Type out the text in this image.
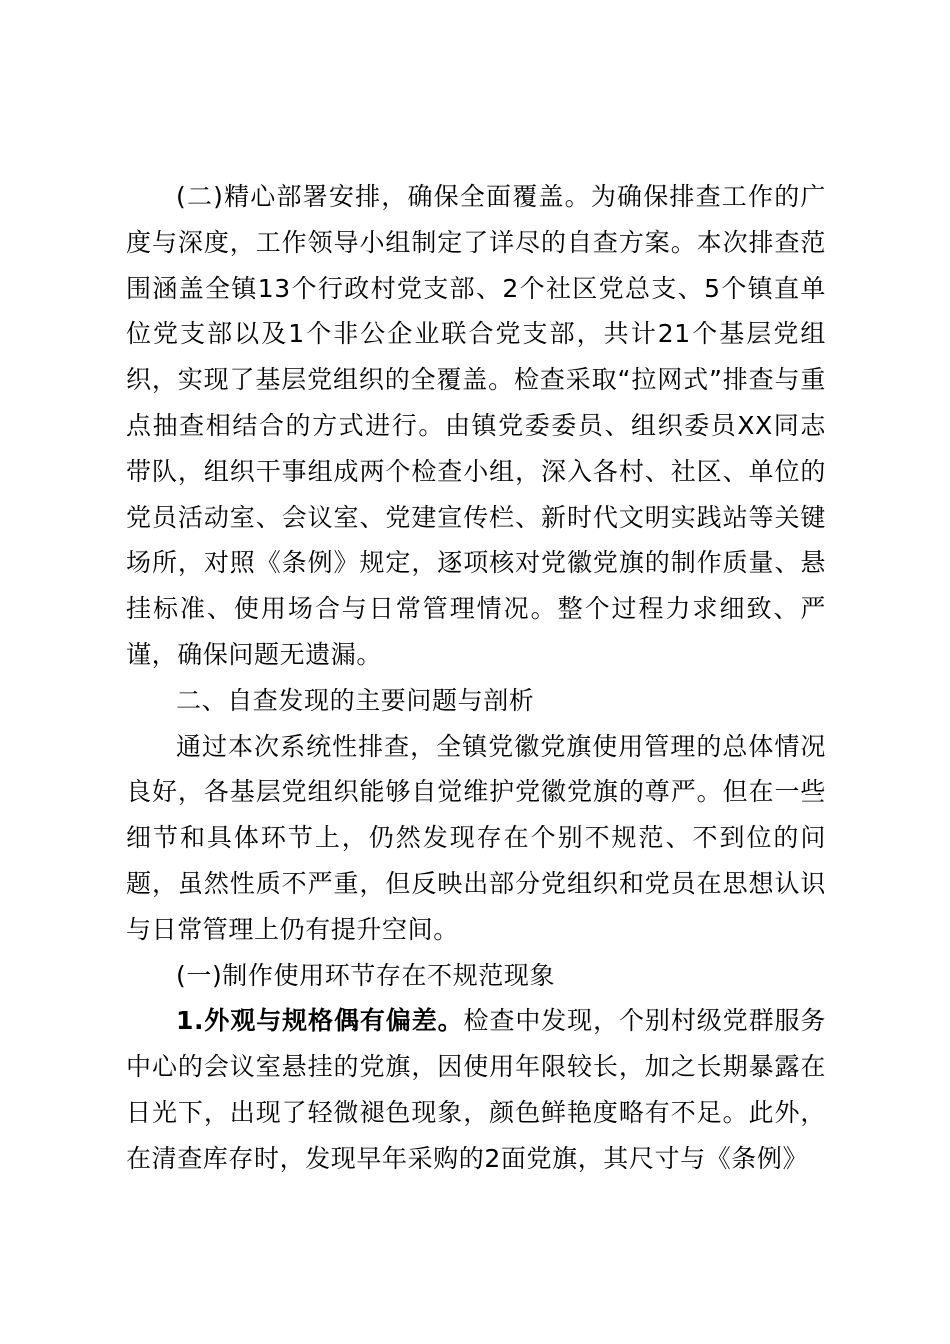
(二)精心部署安排，确保全面覆盖。为确保排查工作的广度与深度，工作领导小组制定了详尽的自查方案。本次排查范围涵盖全镇13个行政村党支部、2个社区党总支、5个镇直单位党支部以及1个非公企业联合党支部，共计21个基层党组织，实现了基层党组织的全覆盖。检查采取“拉网式”排查与重点抽查相结合的方式进行。由镇党委委员、组织委员XX同志带队，组织干事组成两个检查小组，深入各村、社区、单位的党员活动室、会议室、党建宣传栏、新时代文明实践站等关键场所，对照《条例》规定，逐项核对党徽党旗的制作质量、悬挂标准、使用场合与日常管理情况。整个过程力求细致、严谨，确保问题无遗漏。

二、自查发现的主要问题与剖析

通过本次系统性排查，全镇党徽党旗使用管理的总体情况良好，各基层党组织能够自觉维护党徽党旗的尊严。但在一些细节和具体环节上，仍然发现存在个别不规范、不到位的问题，虽然性质不严重，但反映出部分党组织和党员在思想认识与日常管理上仍有提升空间。

(一)制作使用环节存在不规范现象

1.外观与规格偶有偏差。检查中发现，个别村级党群服务中心的会议室悬挂的党旗，因使用年限较长，加之长期暴露在日光下，出现了轻微褪色现象，颜色鲜艳度略有不足。此外，在清查库存时，发现早年采购的2面党旗，其尺寸与《条例》
